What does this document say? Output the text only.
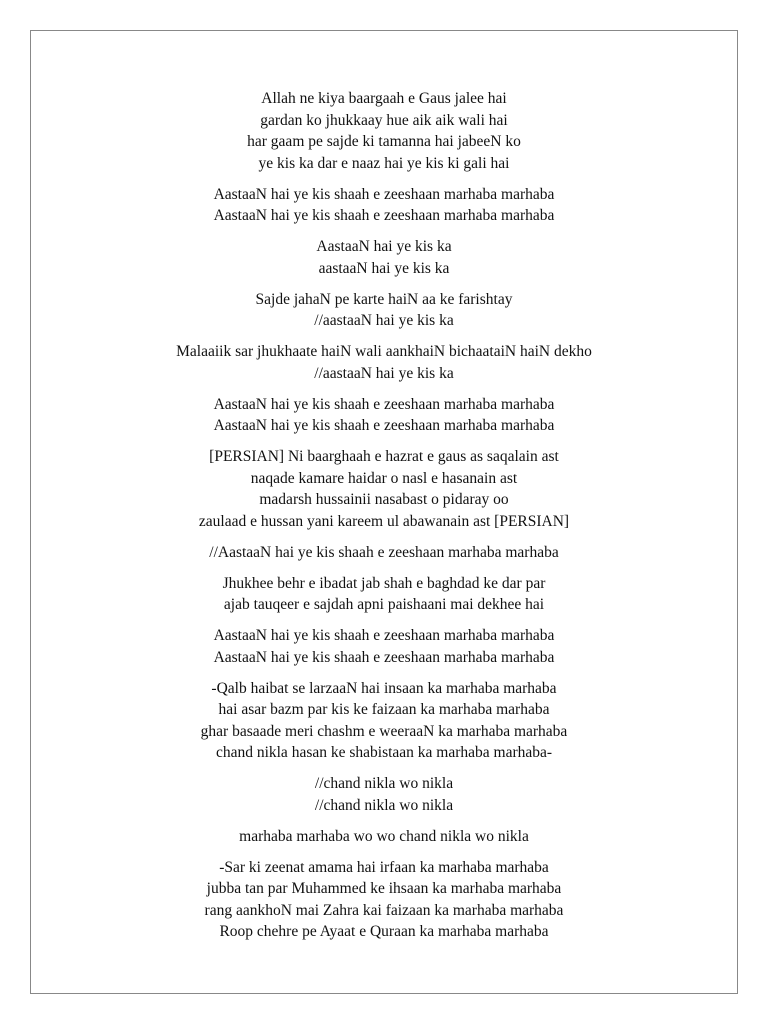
Allah ne kiya baargaah e Gaus jalee hai
gardan ko jhukkaay hue aik aik wali hai
har gaam pe sajde ki tamanna hai jabeeN ko
ye kis ka dar e naaz hai ye kis ki gali hai
AastaaN hai ye kis shaah e zeeshaan marhaba marhaba
AastaaN hai ye kis shaah e zeeshaan marhaba marhaba
AastaaN hai ye kis ka
aastaaN hai ye kis ka
Sajde jahaN pe karte haiN aa ke farishtay
//aastaaN hai ye kis ka
Malaaiik sar jhukhaate haiN wali aankhaiN bichaataiN haiN dekho
//aastaaN hai ye kis ka
AastaaN hai ye kis shaah e zeeshaan marhaba marhaba
AastaaN hai ye kis shaah e zeeshaan marhaba marhaba
[PERSIAN] Ni baarghaah e hazrat e gaus as saqalain ast
naqade kamare haidar o nasl e hasanain ast
madarsh hussainii nasabast o pidaray oo
zaulaad e hussan yani kareem ul abawanain ast [PERSIAN]
//AastaaN hai ye kis shaah e zeeshaan marhaba marhaba
Jhukhee behr e ibadat jab shah e baghdad ke dar par
ajab tauqeer e sajdah apni paishaani mai dekhee hai
AastaaN hai ye kis shaah e zeeshaan marhaba marhaba
AastaaN hai ye kis shaah e zeeshaan marhaba marhaba
-Qalb haibat se larzaaN hai insaan ka marhaba marhaba
hai asar bazm par kis ke faizaan ka marhaba marhaba
ghar basaade meri chashm e weeraaN ka marhaba marhaba
chand nikla hasan ke shabistaan ka marhaba marhaba-
//chand nikla wo nikla
//chand nikla wo nikla
marhaba marhaba wo wo chand nikla wo nikla
-Sar ki zeenat amama hai irfaan ka marhaba marhaba
jubba tan par Muhammed ke ihsaan ka marhaba marhaba
rang aankhoN mai Zahra kai faizaan ka marhaba marhaba
Roop chehre pe Ayaat e Quraan ka marhaba marhaba
